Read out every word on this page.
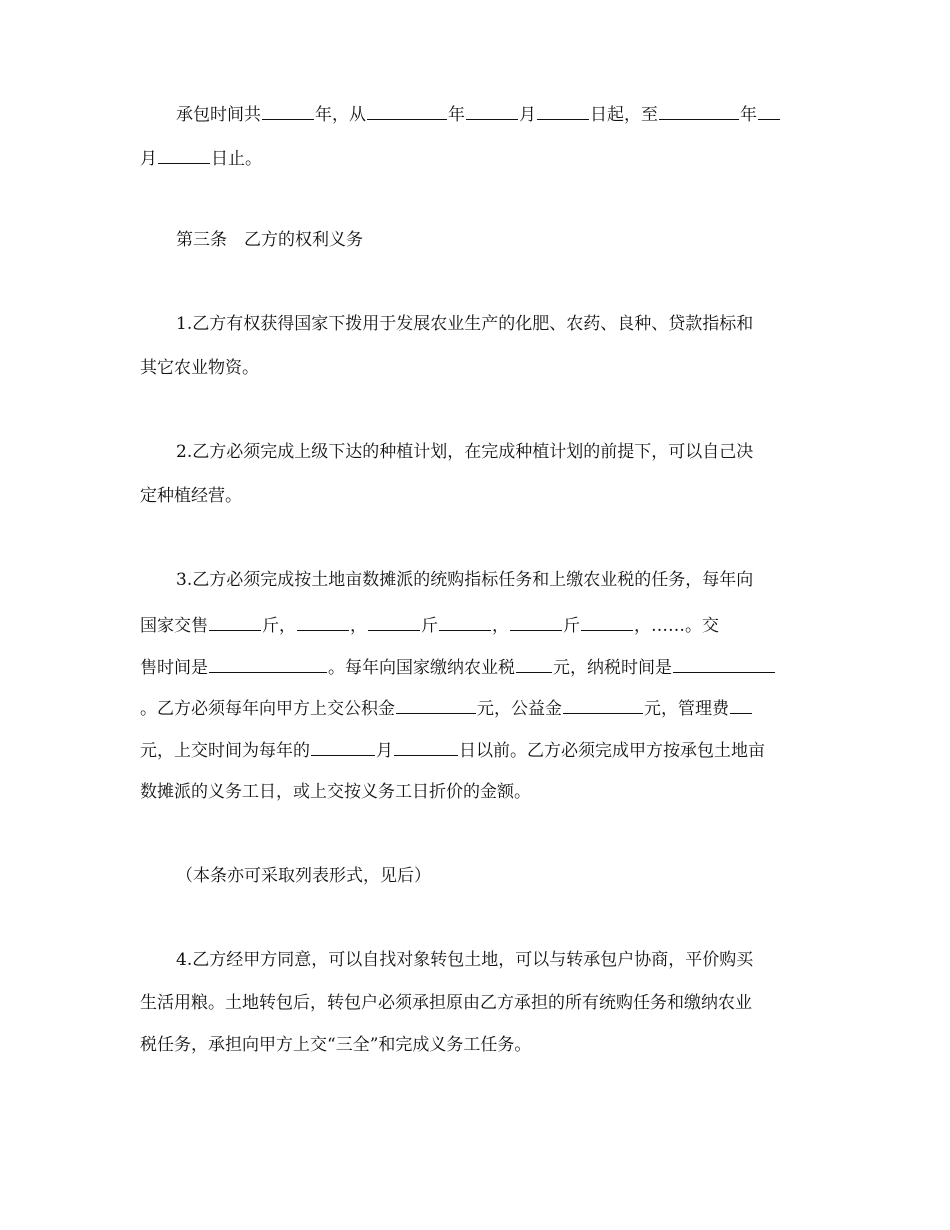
承包时间共	年，从	年	月	日起，至	年
月	日止。
第三条　乙方的权利义务
1.乙方有权获得国家下拨用于发展农业生产的化肥、农药、良种、贷款指标和
其它农业物资。
2.乙方必须完成上级下达的种植计划，在完成种植计划的前提下，可以自己决
定种植经营。
3.乙方必须完成按土地亩数摊派的统购指标任务和上缴农业税的任务，每年向
国家交售	斤，	，	斤	，	斤	，……。交
售时间是	。每年向国家缴纳农业税 元，纳税时间是
。乙方必须每年向甲方上交公积金	元，公益金	元，管理费
元，上交时间为每年的	月	日以前。乙方必须完成甲方按承包土地亩
数摊派的义务工日，或上交按义务工日折价的金额。
（本条亦可采取列表形式，见后）
4.乙方经甲方同意，可以自找对象转包土地，可以与转承包户协商，平价购买
生活用粮。土地转包后，转包户必须承担原由乙方承担的所有统购任务和缴纳农业
税任务，承担向甲方上交“三全”和完成义务工任务。
